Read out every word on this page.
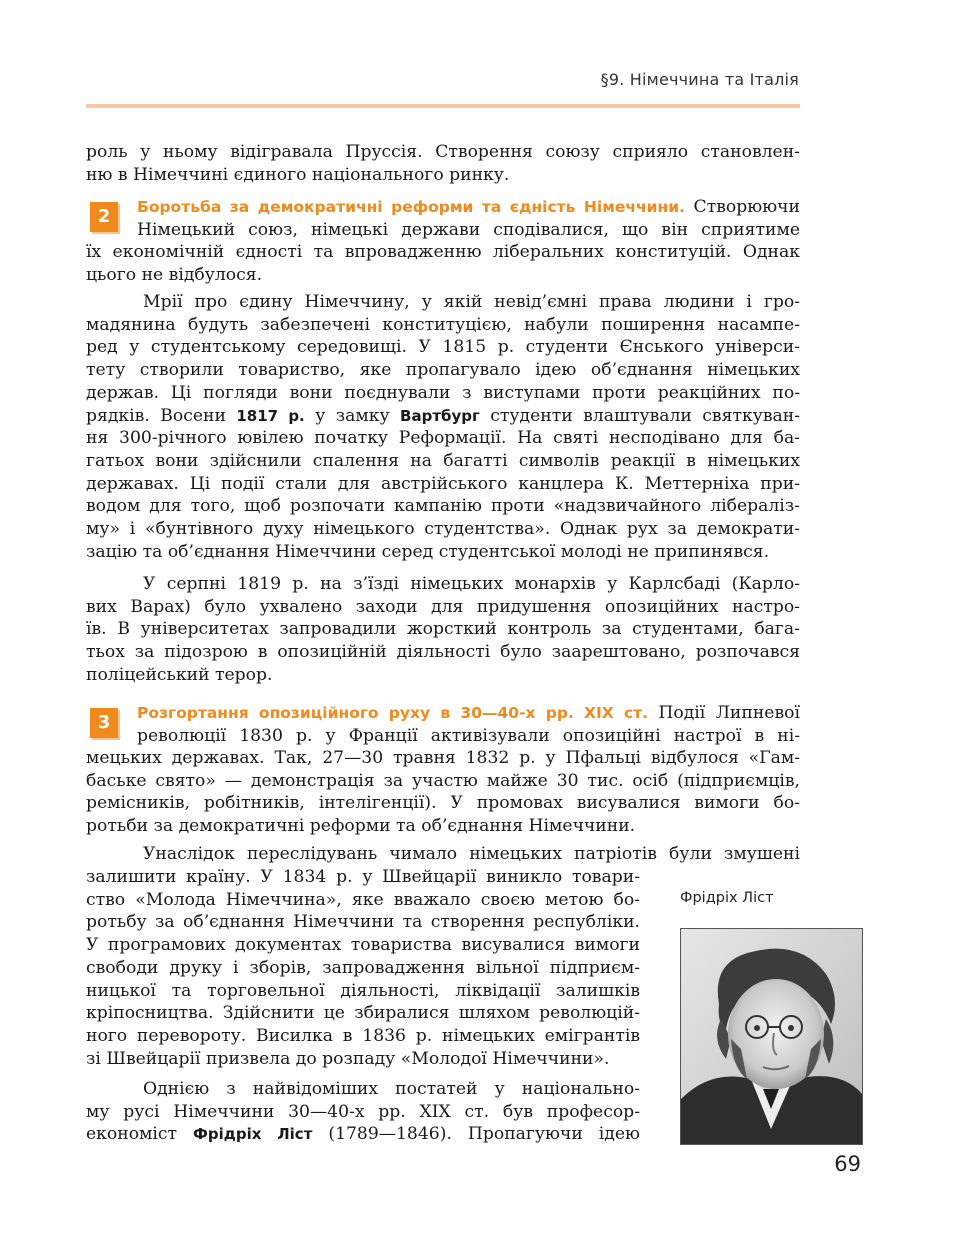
§9. Німеччина та Італія
роль у ньому відігравала Пруссія. Створення союзу сприяло становлен-
ню в Німеччині єдиного національного ринку.
2	Боротьба за демократичні реформи та єдність Німеччини. Створюючи
Німецький союз, німецькі держави сподівалися, що він сприятиме
їх економічній єдності та впровадженню ліберальних конституцій. Однак
цього не відбулося.
Мрії про єдину Німеччину, у якій невід’ємні права людини і гро-
мадянина будуть забезпечені конституцією, набули поширення насампе-
ред у студентському середовищі. У 1815 р. студенти Єнського універси-
тету створили товариство, яке пропагувало ідею об’єднання німецьких
держав. Ці погляди вони поєднували з виступами проти реакційних по-
рядків. Восени 1817 р. у замку Вартбург студенти влаштували святкуван-
ня 300-річного ювілею початку Реформації. На святі несподівано для ба-
гатьох вони здійснили спалення на багатті символів реакції в німецьких
державах. Ці події стали для австрійського канцлера К. Меттерніха при-
водом для того, щоб розпочати кампанію проти «надзвичайного лібералiз-
му» і «бунтівного духу німецького студентства». Однак рух за демократи-
зацію та об’єднання Німеччини серед студентської молоді не припинявся.
У серпні 1819 р. на з’їзді німецьких монархів у Карлсбаді (Карло-
вих Варах) було ухвалено заходи для придушення опозиційних настро-
їв. В університетах запровадили жорсткий контроль за студентами, бага-
тьох за підозрою в опозиційній діяльності було заарештовано, розпочався
поліцейський терор.
3	Розгортання опозиційного руху в 30—40-х рр. XIX ст. Події Липневої
революції 1830 р. у Франції активізували опозиційні настрої в ні-
мецьких державах. Так, 27—30 травня 1832 р. у Пфальці відбулося «Гам-
баське свято» — демонстрація за участю майже 30 тис. осіб (підприємців,
ремісників, робітників, інтелігенції). У промовах висувалися вимоги бо-
ротьби за демократичні реформи та об’єднання Німеччини.
Унаслідок переслідувань чимало німецьких патріотів були змушені
залишити країну. У 1834 р. у Швейцарії виникло товари-
ство «Молода Німеччина», яке вважало своєю метою бо-
ротьбу за об’єднання Німеччини та створення республіки.
У програмових документах товариства висувалися вимоги
свободи друку і зборів, запровадження вільної підприєм-
ницької та торговельної діяльності, ліквідації залишків
кріпосництва. Здійснити це збиралися шляхом революцій-
ного перевороту. Висилка в 1836 р. німецьких емігрантів
зі Швейцарії призвела до розпаду «Молодої Німеччини».
Однією з найвідоміших постатей у національно-
му русі Німеччини 30—40-х рр. XIX ст. був професор-
економіст Фрідріх Ліст (1789—1846). Пропагуючи ідею
Фрідріх Ліст
69
